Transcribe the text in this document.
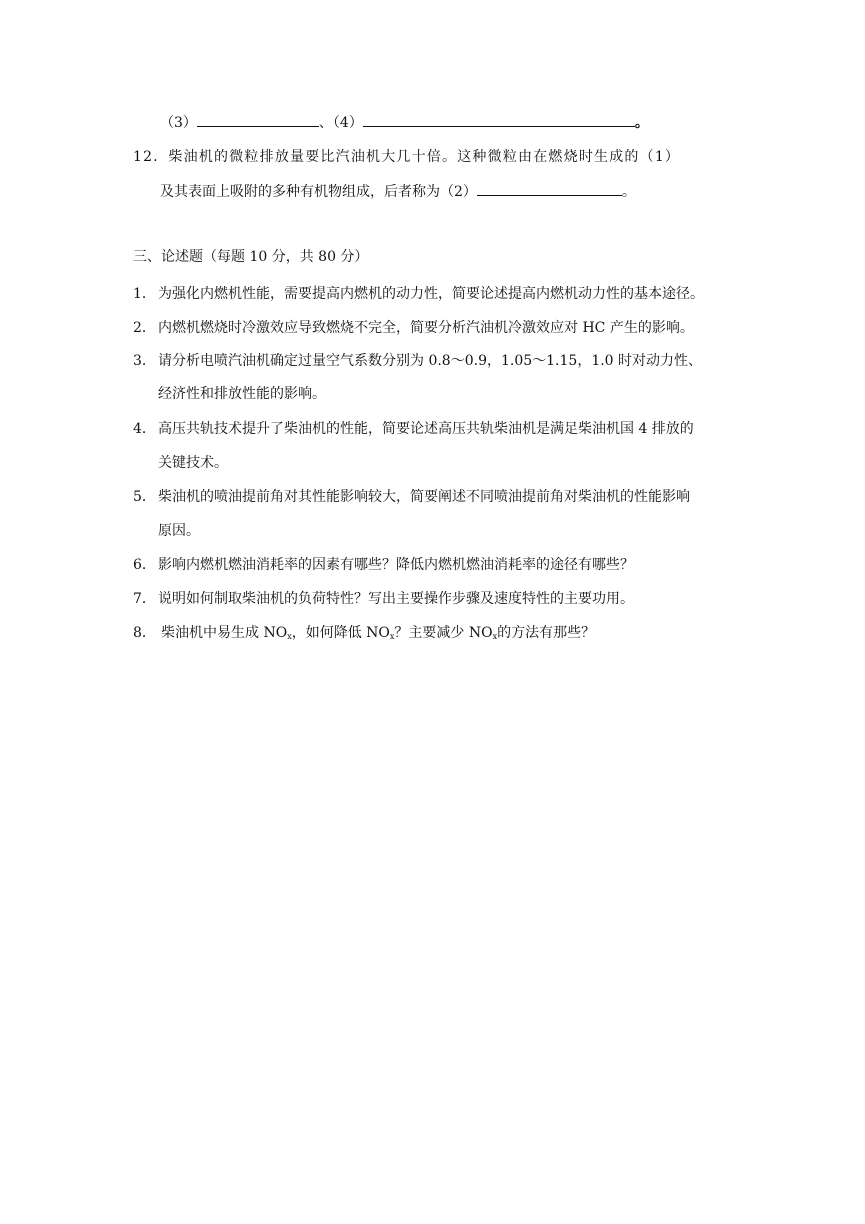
（3）	、（4）	。
12．柴油机的微粒排放量要比汽油机大几十倍。这种微粒由在燃烧时生成的（1）
及其表面上吸附的多种有机物组成，后者称为（2）	。
三、论述题（每题 10 分，共 80 分）
1． 为强化内燃机性能，需要提高内燃机的动力性，简要论述提高内燃机动力性的基本途径。
2． 内燃机燃烧时冷激效应导致燃烧不完全，简要分析汽油机冷激效应对 HC 产生的影响。
3． 请分析电喷汽油机确定过量空气系数分别为 0.8～0.9，1.05～1.15，1.0 时对动力性、
经济性和排放性能的影响。
4． 高压共轨技术提升了柴油机的性能，简要论述高压共轨柴油机是满足柴油机国 4 排放的
关键技术。
5． 柴油机的喷油提前角对其性能影响较大，简要阐述不同喷油提前角对柴油机的性能影响
原因。
6． 影响内燃机燃油消耗率的因素有哪些？降低内燃机燃油消耗率的途径有哪些？
7． 说明如何制取柴油机的负荷特性？写出主要操作步骤及速度特性的主要功用。
8． 柴油机中易生成 $NO_x$，如何降低 $NO_x$？主要减少 $NO_x$的方法有那些？
